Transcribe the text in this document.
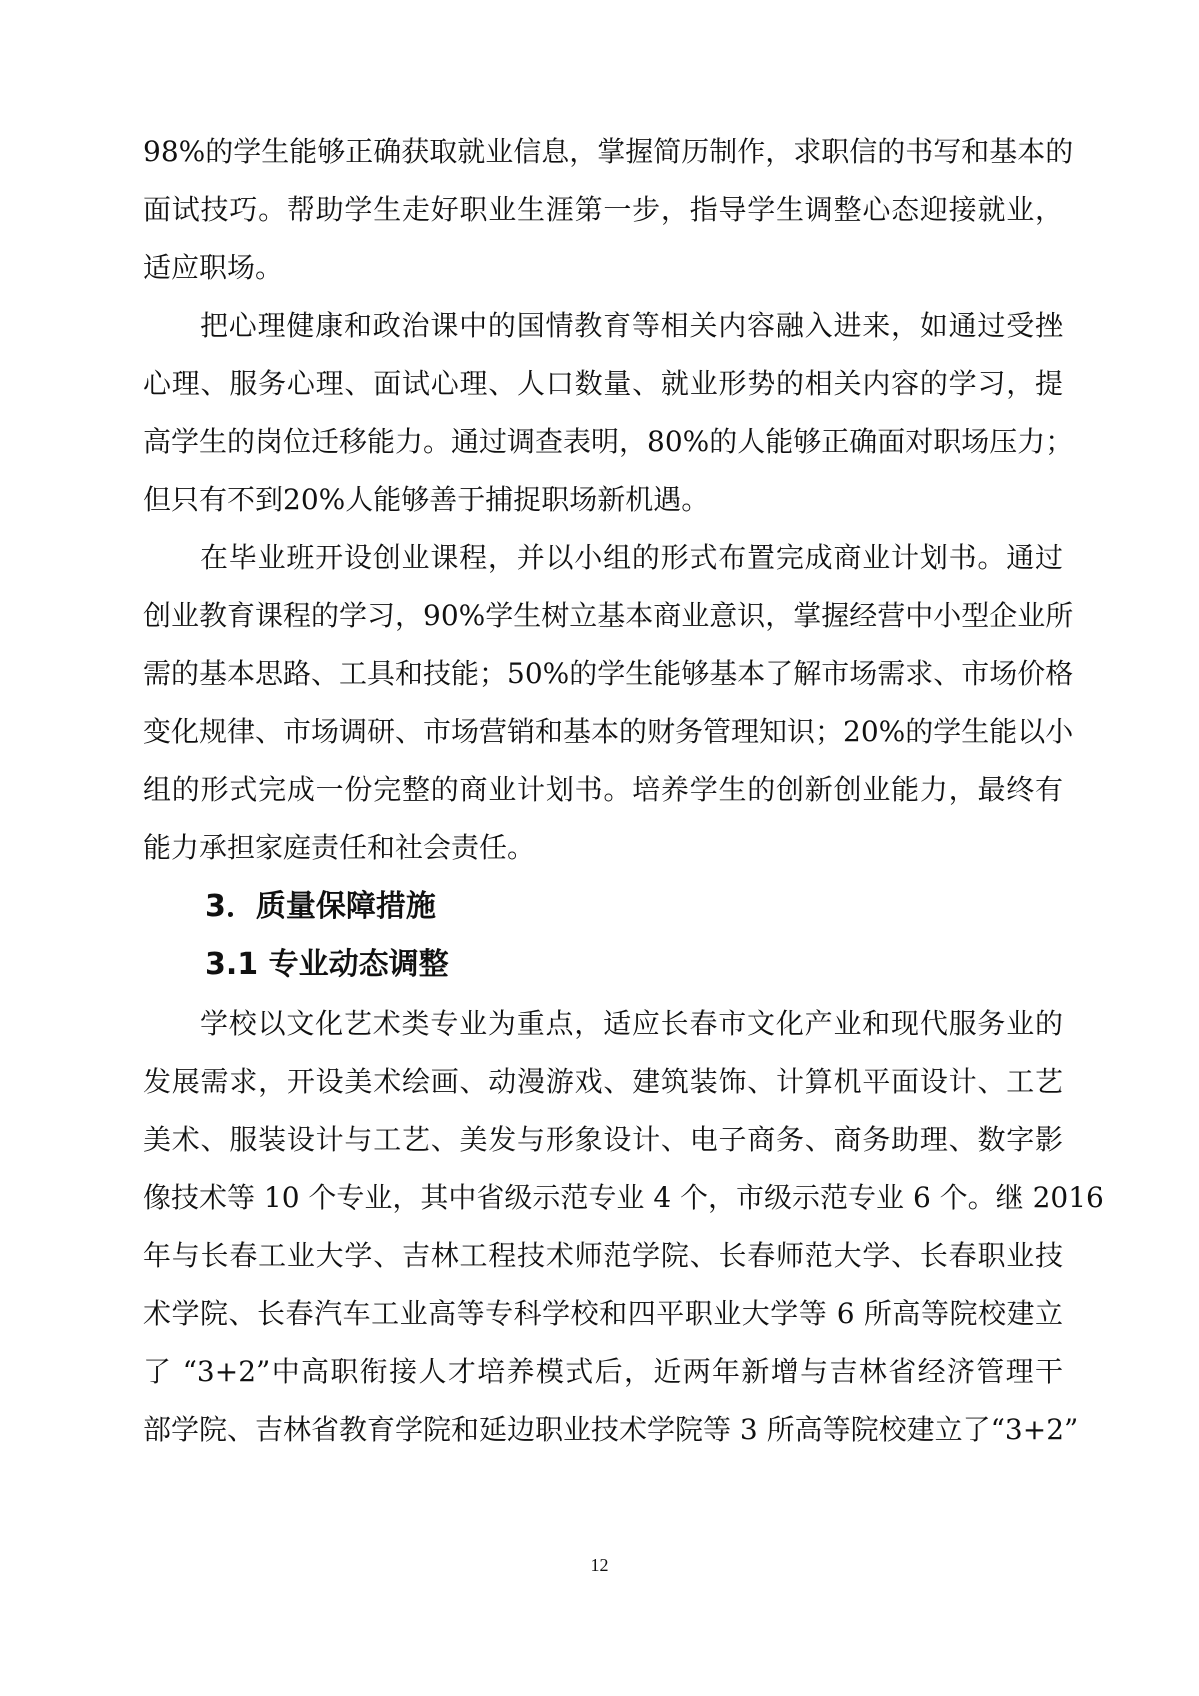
98%的学生能够正确获取就业信息，掌握简历制作，求职信的书写和基本的
面试技巧。帮助学生走好职业生涯第一步，指导学生调整心态迎接就业，
适应职场。
把心理健康和政治课中的国情教育等相关内容融入进来，如通过受挫
心理、服务心理、面试心理、人口数量、就业形势的相关内容的学习，提
高学生的岗位迁移能力。通过调查表明，80%的人能够正确面对职场压力；
但只有不到20%人能够善于捕捉职场新机遇。
在毕业班开设创业课程，并以小组的形式布置完成商业计划书。通过
创业教育课程的学习，90%学生树立基本商业意识，掌握经营中小型企业所
需的基本思路、工具和技能；50%的学生能够基本了解市场需求、市场价格
变化规律、市场调研、市场营销和基本的财务管理知识；20%的学生能以小
组的形式完成一份完整的商业计划书。培养学生的创新创业能力，最终有
能力承担家庭责任和社会责任。
3．质量保障措施
3.1 专业动态调整
学校以文化艺术类专业为重点，适应长春市文化产业和现代服务业的
发展需求，开设美术绘画、动漫游戏、建筑装饰、计算机平面设计、工艺
美术、服装设计与工艺、美发与形象设计、电子商务、商务助理、数字影
像技术等 10 个专业，其中省级示范专业 4 个，市级示范专业 6 个。继 2016
年与长春工业大学、吉林工程技术师范学院、长春师范大学、长春职业技
术学院、长春汽车工业高等专科学校和四平职业大学等 6 所高等院校建立
了 “3+2”中高职衔接人才培养模式后，近两年新增与吉林省经济管理干
部学院、吉林省教育学院和延边职业技术学院等 3 所高等院校建立了“3+2”
12
